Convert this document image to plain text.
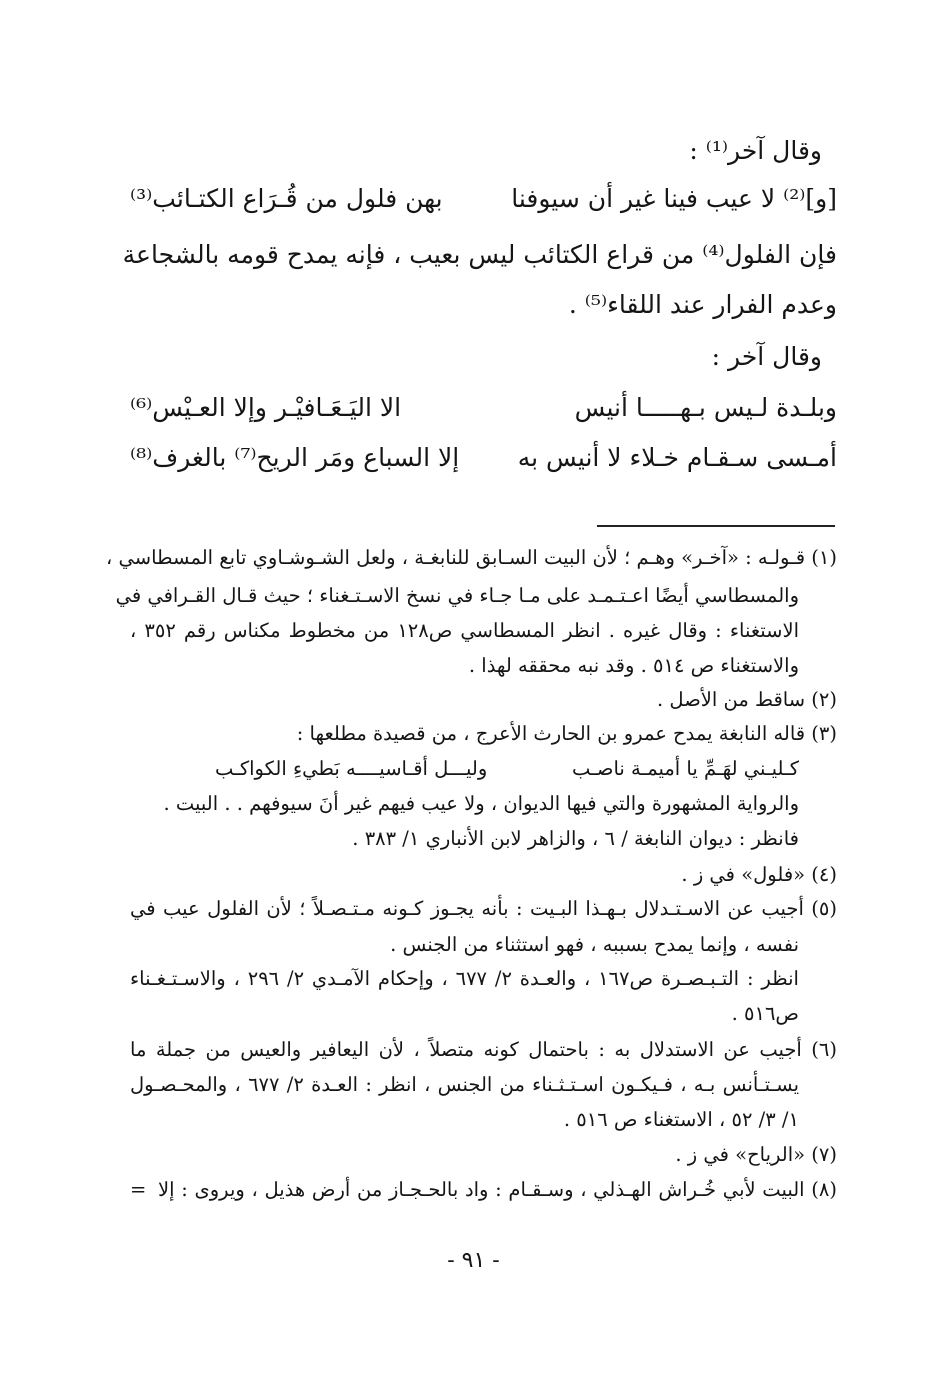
وقال آخر⁽¹⁾ :
[و]⁽²⁾ لا عيب فينا غير أن سيوفنا
بهن فلول من قُـرَاع الكتـائب⁽³⁾
فإن الفلول⁽⁴⁾ من قراع الكتائب ليس بعيب ، فإنه يمدح قومه بالشجاعة
وعدم الفرار عند اللقاء⁽⁵⁾ .
وقال آخر :
وبلـدة لـيس بـهـــــا أنيس
الا اليَـعَـافيْـر وإلا العـيْس⁽⁶⁾
أمـسى سـقـام خـلاء لا أنيس به
إلا السباع ومَر الريح⁽⁷⁾ بالغرف⁽⁸⁾
(١) قـولـه : «آخـر» وهـم ؛ لأن البيت السـابق للنابغـة ، ولعل الشـوشـاوي تابع المسطاسي ،
والمسطاسي أيضًا اعـتـمـد على مـا جـاء في نسخ الاسـتـغناء ؛ حيث قـال القـرافي في
الاستغناء : وقال غيره . انظر المسطاسي ص١٢٨ من مخطوط مكناس رقم ٣٥٢ ،
والاستغناء ص ٥١٤ . وقد نبه محققه لهذا .
(٢) ساقط من الأصل .
(٣) قاله النابغة يمدح عمرو بن الحارث الأعرج ، من قصيدة مطلعها :
كـليـني لهَـمِّ يا أميمـة ناصـب
وليـــل أقـاسيــــه بَطيءِ الكواكـب
والرواية المشهورة والتي فيها الديوان ، ولا عيب فيهم غير أنَ سيوفهم . . البيت .
فانظر : ديوان النابغة / ٦ ، والزاهر لابن الأنباري ١/ ٣٨٣ .
(٤) «فلول» في ز .
(٥) أجيب عن الاسـتـدلال بـهـذا البـيت : بأنه يجـوز كـونه مـتـصـلاً ؛ لأن الفلول عيب في
نفسه ، وإنما يمدح بسببه ، فهو استثناء من الجنس .
انظر : التـبـصـرة ص١٦٧ ، والعـدة ٢/ ٦٧٧ ، وإحكام الآمـدي ٢/ ٢٩٦ ، والاسـتـغـناء
ص٥١٦ .
(٦) أجيب عن الاستدلال به : باحتمال كونه متصلاً ، لأن اليعافير والعيس من جملة ما
يسـتـأنس بـه ، فـيكـون اسـتـثـناء من الجنس ، انظر : العـدة ٢/ ٦٧٧ ، والمحـصـول
١/ ٣/ ٥٢ ، الاستغناء ص ٥١٦ .
(٧) «الرياح» في ز .
(٨) البيت لأبي خُـراش الهـذلي ، وسـقـام : واد بالحـجـاز من أرض هذيل ، ويروى : إلا
=
- ٩١ -
